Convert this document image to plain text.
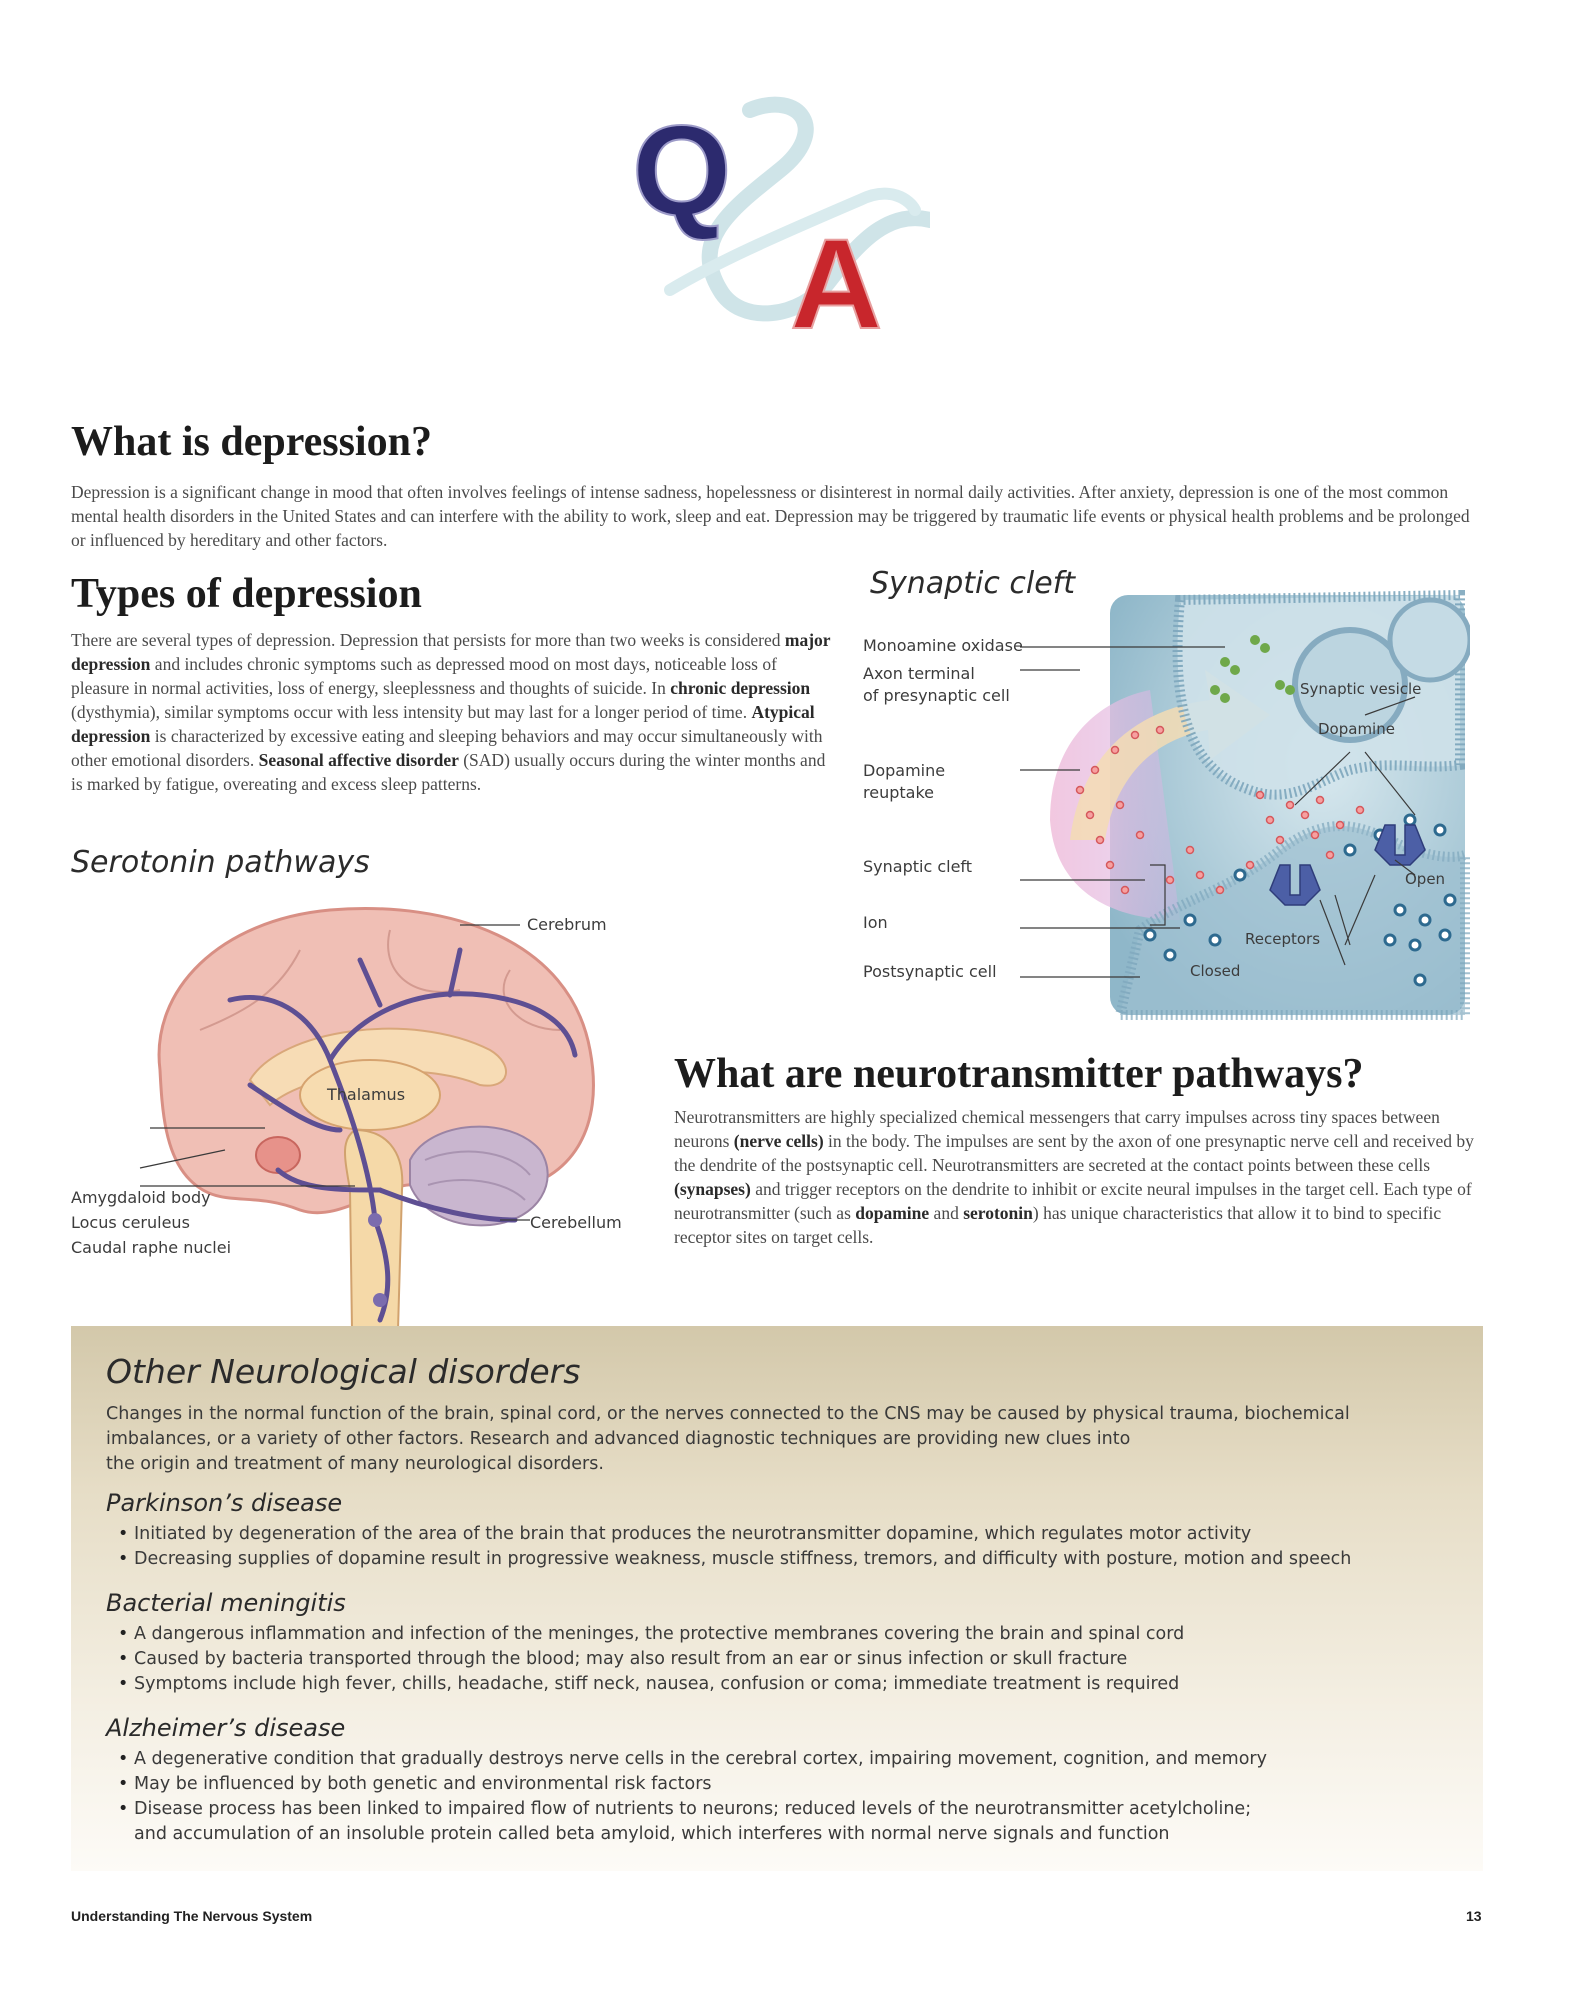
Q
A
What is depression?

Depression is a significant change in mood that often involves feelings of intense sadness, hopelessness or disinterest in normal daily activities. After anxiety, depression is one of the most common mental health disorders in the United States and can interfere with the ability to work, sleep and eat. Depression may be triggered by traumatic life events or physical health problems and be prolonged or influenced by hereditary and other factors.

Types of depression

There are several types of depression. Depression that persists for more than two weeks is considered major depression and includes chronic symptoms such as depressed mood on most days, noticeable loss of pleasure in normal activities, loss of energy, sleeplessness and thoughts of suicide. In chronic depression (dysthymia), similar symptoms occur with less intensity but may last for a longer period of time. Atypical depression is characterized by excessive eating and sleeping behaviors and may occur simultaneously with other emotional disorders. Seasonal affective disorder (SAD) usually occurs during the winter months and is marked by fatigue, overeating and excess sleep patterns.

Serotonin pathways
Cerebrum
Thalamus
Amygdaloid body
Locus ceruleus
Caudal raphe nuclei
Cerebellum
Synaptic cleft
Monoamine oxidase
Axon terminal
of presynaptic cell
Dopamine
reuptake
Synaptic cleft
Ion
Postsynaptic cell
Synaptic vesicle
Dopamine
Open
Receptors
Closed
What are neurotransmitter pathways?

Neurotransmitters are highly specialized chemical messengers that carry impulses across tiny spaces between neurons (nerve cells) in the body. The impulses are sent by the axon of one presynaptic nerve cell and received by the dendrite of the postsynaptic cell. Neurotransmitters are secreted at the contact points between these cells (synapses) and trigger receptors on the dendrite to inhibit or excite neural impulses in the target cell. Each type of neurotransmitter (such as dopamine and serotonin) has unique characteristics that allow it to bind to specific receptor sites on target cells.

Other Neurological disorders

Changes in the normal function of the brain, spinal cord, or the nerves connected to the CNS may be caused by physical trauma, biochemical

imbalances, or a variety of other factors. Research and advanced diagnostic techniques are providing new clues into

the origin and treatment of many neurological disorders.

Parkinson’s disease
• Initiated by degeneration of the area of the brain that produces the neurotransmitter dopamine, which regulates motor activity
• Decreasing supplies of dopamine result in progressive weakness, muscle stiffness, tremors, and difficulty with posture, motion and speech
Bacterial meningitis
• A dangerous inflammation and infection of the meninges, the protective membranes covering the brain and spinal cord
• Caused by bacteria transported through the blood; may also result from an ear or sinus infection or skull fracture
• Symptoms include high fever, chills, headache, stiff neck, nausea, confusion or coma; immediate treatment is required
Alzheimer’s disease
• A degenerative condition that gradually destroys nerve cells in the cerebral cortex, impairing movement, cognition, and memory
• May be influenced by both genetic and environmental risk factors
• Disease process has been linked to impaired flow of nutrients to neurons; reduced levels of the neurotransmitter acetylcholine;

and accumulation of an insoluble protein called beta amyloid, which interferes with normal nerve signals and function

Understanding The Nervous System	13
